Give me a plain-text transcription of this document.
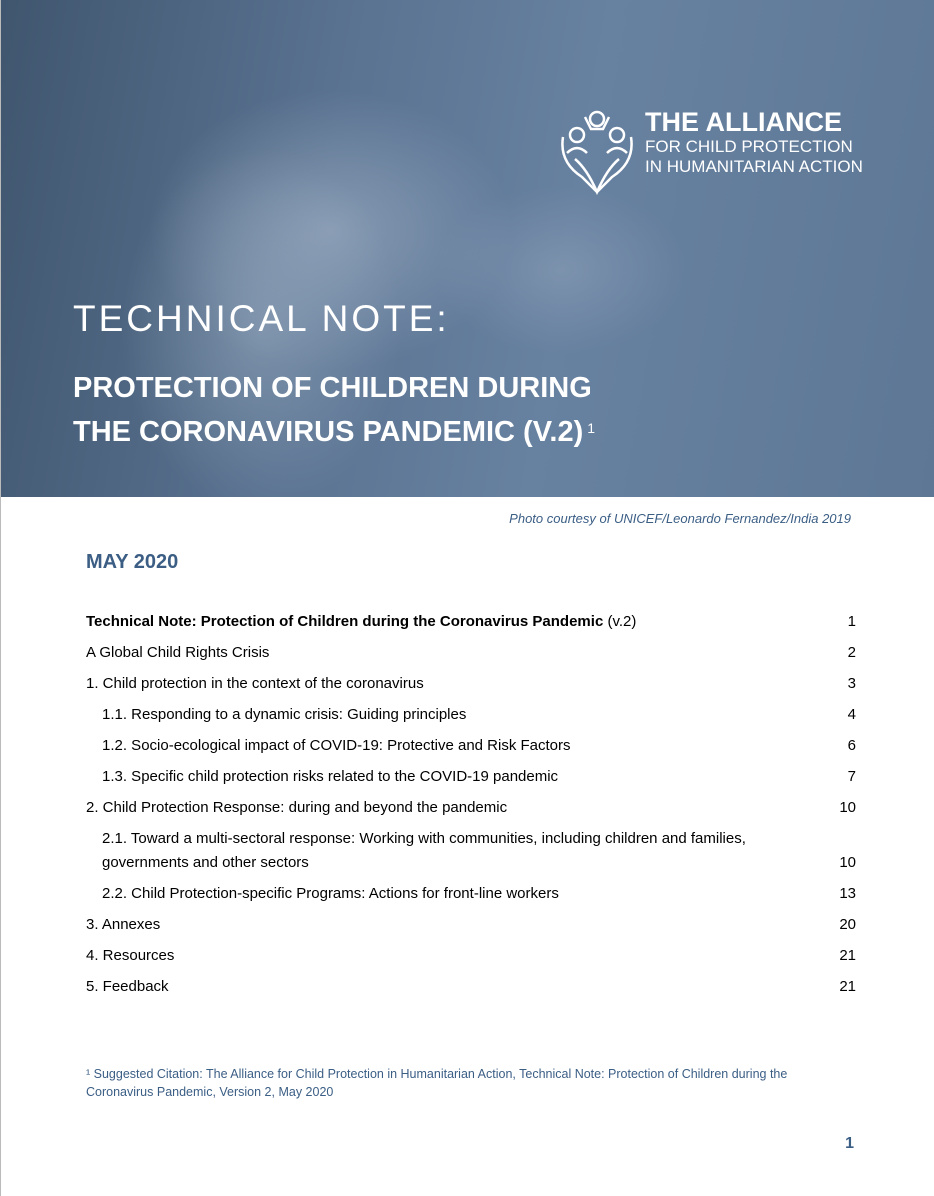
THE ALLIANCE
FOR CHILD PROTECTION
IN HUMANITARIAN ACTION
TECHNICAL NOTE:
PROTECTION OF CHILDREN DURING
THE CORONAVIRUS PANDEMIC (V.2) $^1$
Photo courtesy of UNICEF/Leonardo Fernandez/India 2019
MAY 2020
Technical Note: Protection of Children during the Coronavirus Pandemic (v.2)	1
A Global Child Rights Crisis	2
1. Child protection in the context of the coronavirus	3
1.1. Responding to a dynamic crisis: Guiding principles	4
1.2. Socio-ecological impact of COVID-19: Protective and Risk Factors	6
1.3. Specific child protection risks related to the COVID-19 pandemic	7
2. Child Protection Response: during and beyond the pandemic	10
2.1. Toward a multi-sectoral response: Working with communities, including children and families, governments and other sectors	10
2.2. Child Protection-specific Programs: Actions for front-line workers	13
3. Annexes	20
4. Resources	21
5. Feedback	21
¹ Suggested Citation: The Alliance for Child Protection in Humanitarian Action, Technical Note: Protection of Children during the Coronavirus Pandemic, Version 2, May 2020
1
